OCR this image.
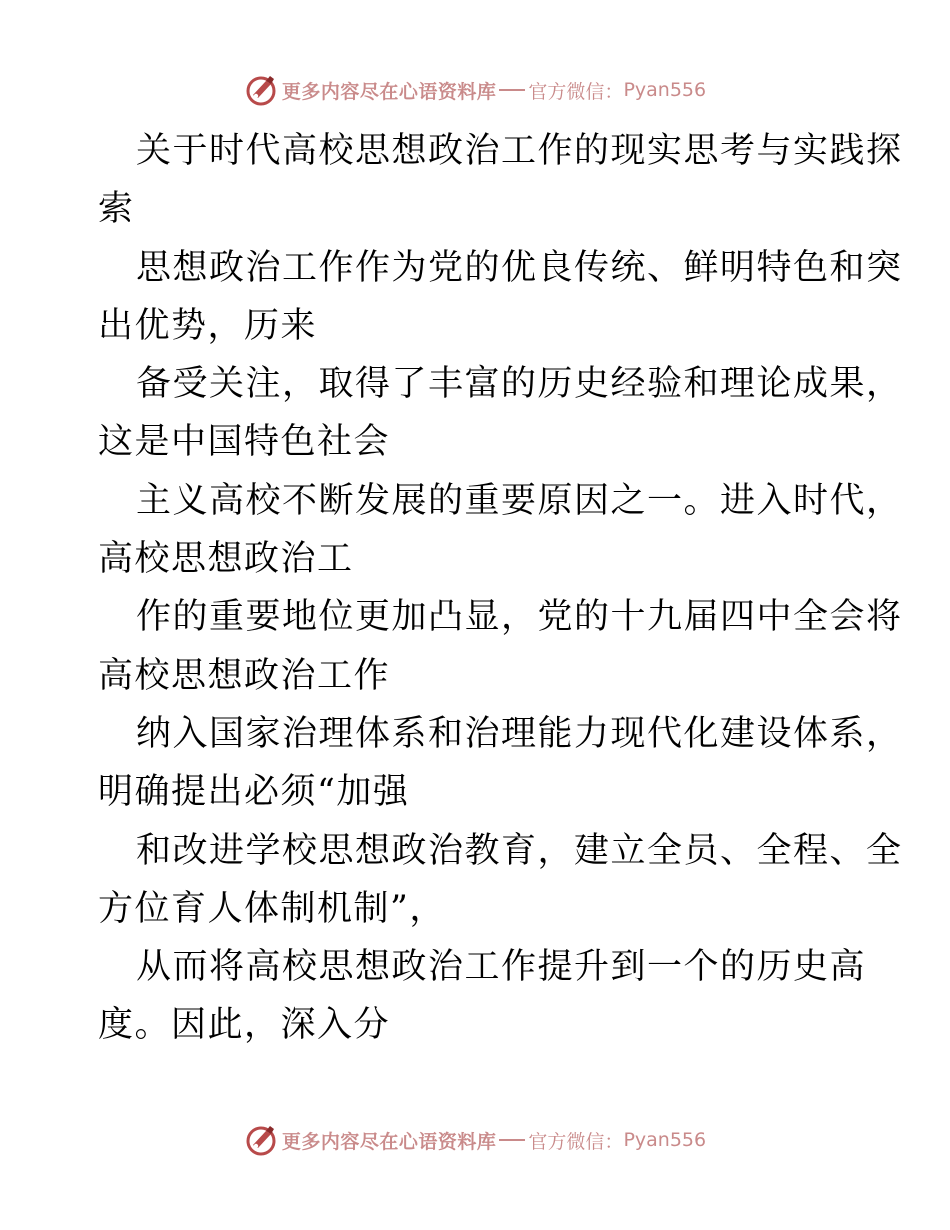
更多内容尽在心语资料库 官方微信： Pyan556
关于时代高校思想政治工作的现实思考与实践探
索
思想政治工作作为党的优良传统、鲜明特色和突
出优势，历来
备受关注，取得了丰富的历史经验和理论成果，
这是中国特色社会
主义高校不断发展的重要原因之一。进入时代，
高校思想政治工
作的重要地位更加凸显，党的十九届四中全会将
高校思想政治工作
纳入国家治理体系和治理能力现代化建设体系，
明确提出必须“加强
和改进学校思想政治教育，建立全员、全程、全
方位育人体制机制”，
从而将高校思想政治工作提升到一个的历史高
度。因此，深入分
更多内容尽在心语资料库 官方微信： Pyan556
